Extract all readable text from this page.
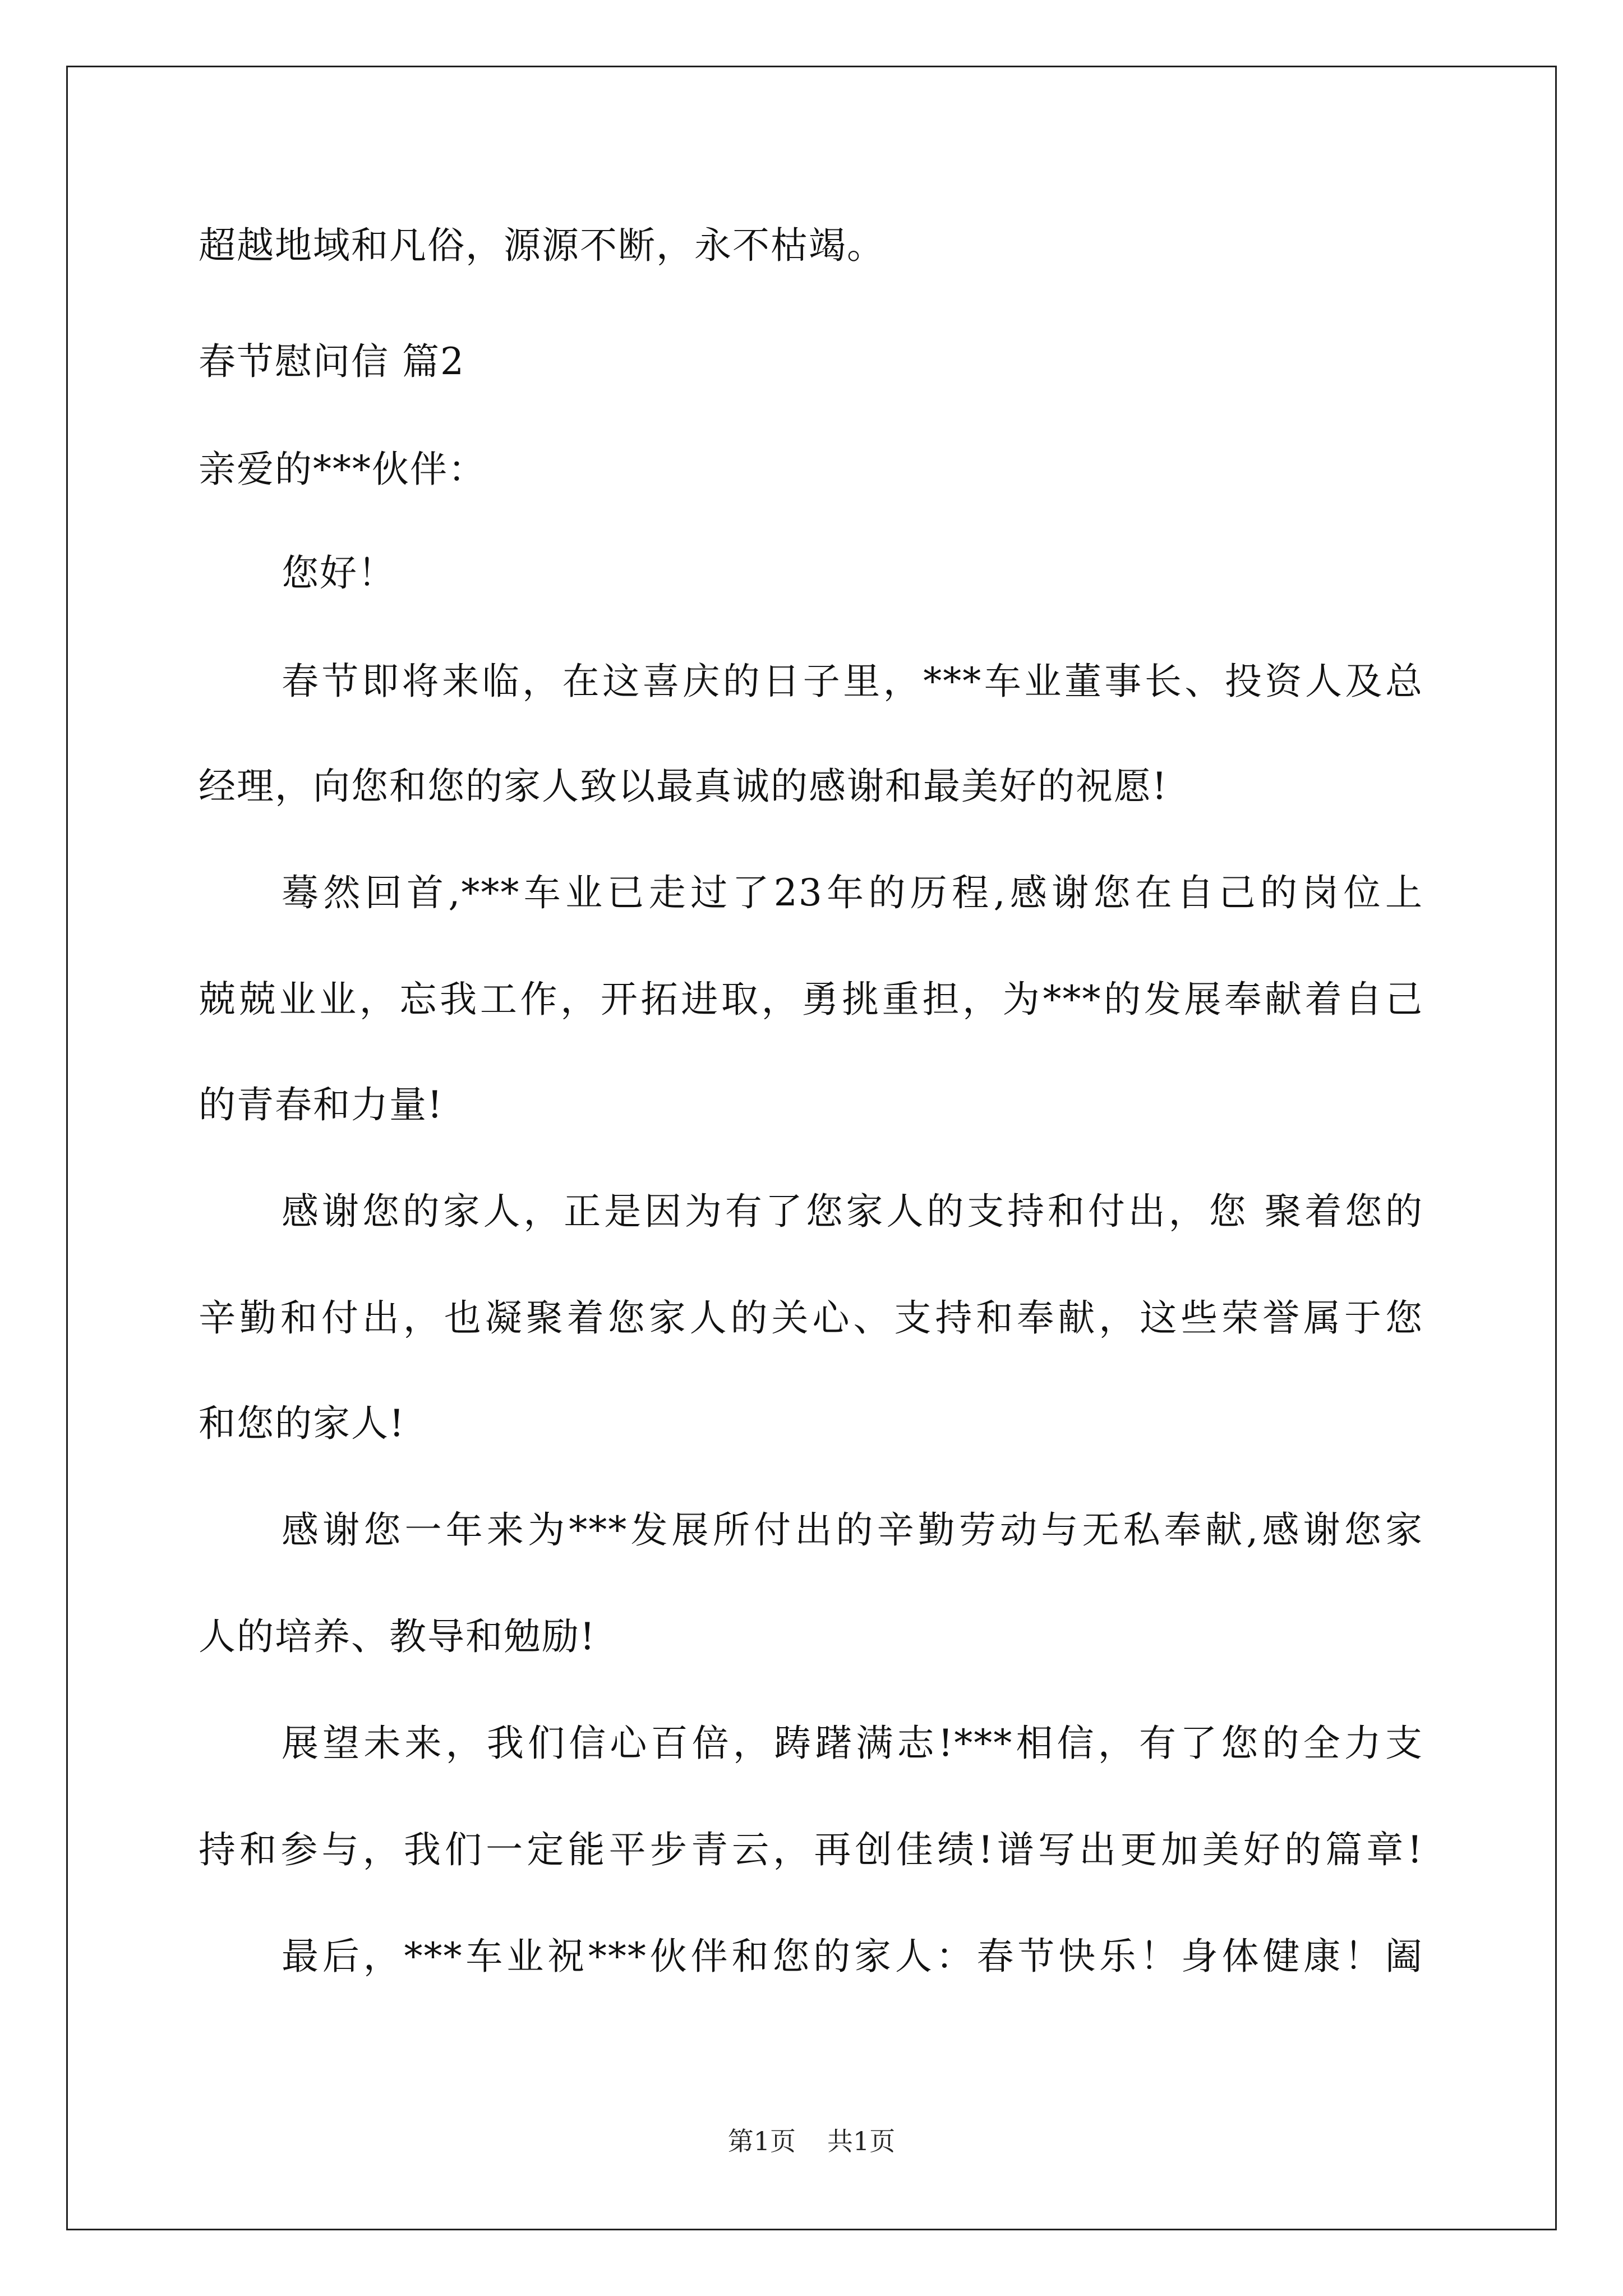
超越地域和凡俗，源源不断，永不枯竭。
春节慰问信 篇2
亲爱的***伙伴：
您好！
春节即将来临，在这喜庆的日子里，***车业董事长、投资人及总
经理，向您和您的家人致以最真诚的感谢和最美好的祝愿!
蓦然回首,***车业已走过了23年的历程,感谢您在自己的岗位上
兢兢业业，忘我工作，开拓进取，勇挑重担，为***的发展奉献着自己
的青春和力量!
感谢您的家人，正是因为有了您家人的支持和付出，您 聚着您的
辛勤和付出，也凝聚着您家人的关心、支持和奉献，这些荣誉属于您
和您的家人!
感谢您一年来为***发展所付出的辛勤劳动与无私奉献,感谢您家
人的培养、教导和勉励!
展望未来，我们信心百倍，踌躇满志!***相信，有了您的全力支
持和参与，我们一定能平步青云，再创佳绩!谱写出更加美好的篇章!
最后，***车业祝***伙伴和您的家人：春节快乐！身体健康！阖
第1页 共1页
